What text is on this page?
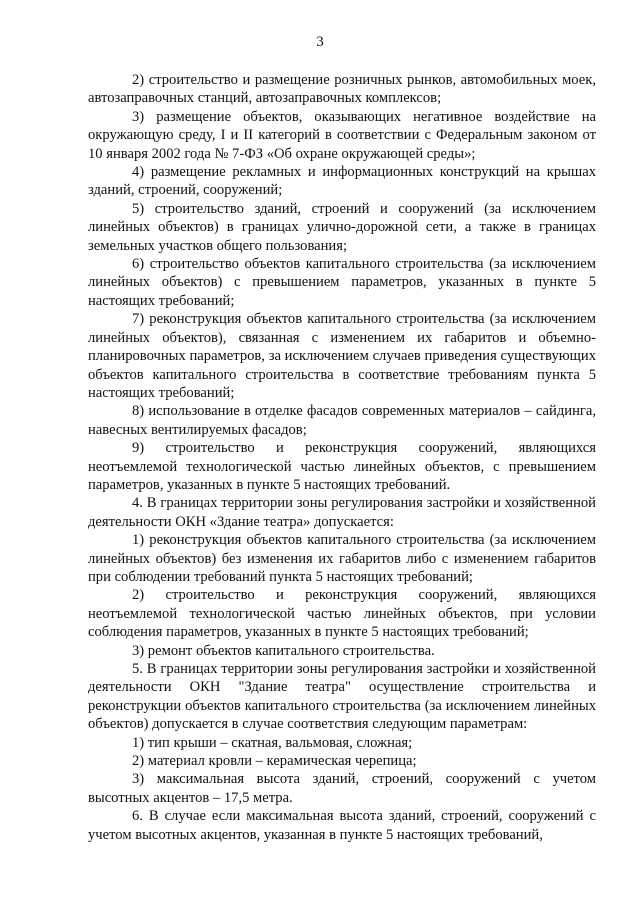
3

2) строительство и размещение розничных рынков, автомобильных моек, автозаправочных станций, автозаправочных комплексов;

3) размещение объектов, оказывающих негативное воздействие на окружающую среду, I и II категорий в соответствии с Федеральным законом от 10 января 2002 года № 7-ФЗ «Об охране окружающей среды»;

4) размещение рекламных и информационных конструкций на крышах зданий, строений, сооружений;

5) строительство зданий, строений и сооружений (за исключением линейных объектов) в границах улично-дорожной сети, а также в границах земельных участков общего пользования;

6) строительство объектов капитального строительства (за исключением линейных объектов) с превышением параметров, указанных в пункте 5 настоящих требований;

7) реконструкция объектов капитального строительства (за исключением линейных объектов), связанная с изменением их габаритов и объемно-планировочных параметров, за исключением случаев приведения существующих объектов капитального строительства в соответствие требованиям пункта 5 настоящих требований;

8) использование в отделке фасадов современных материалов – сайдинга, навесных вентилируемых фасадов;

9) строительство и реконструкция сооружений, являющихся неотъемлемой технологической частью линейных объектов, с превышением параметров, указанных в пункте 5 настоящих требований.

4. В границах территории зоны регулирования застройки и хозяйственной деятельности ОКН «Здание театра» допускается:

1) реконструкция объектов капитального строительства (за исключением линейных объектов) без изменения их габаритов либо с изменением габаритов при соблюдении требований пункта 5 настоящих требований;

2) строительство и реконструкция сооружений, являющихся неотъемлемой технологической частью линейных объектов, при условии соблюдения параметров, указанных в пункте 5 настоящих требований;

3) ремонт объектов капитального строительства.

5. В границах территории зоны регулирования застройки и хозяйственной деятельности ОКН "Здание театра" осуществление строительства и реконструкции объектов капитального строительства (за исключением линейных объектов) допускается в случае соответствия следующим параметрам:

1) тип крыши – скатная, вальмовая, сложная;

2) материал кровли – керамическая черепица;

3) максимальная высота зданий, строений, сооружений с учетом высотных акцентов – 17,5 метра.

6. В случае если максимальная высота зданий, строений, сооружений с учетом высотных акцентов, указанная в пункте 5 настоящих требований,
